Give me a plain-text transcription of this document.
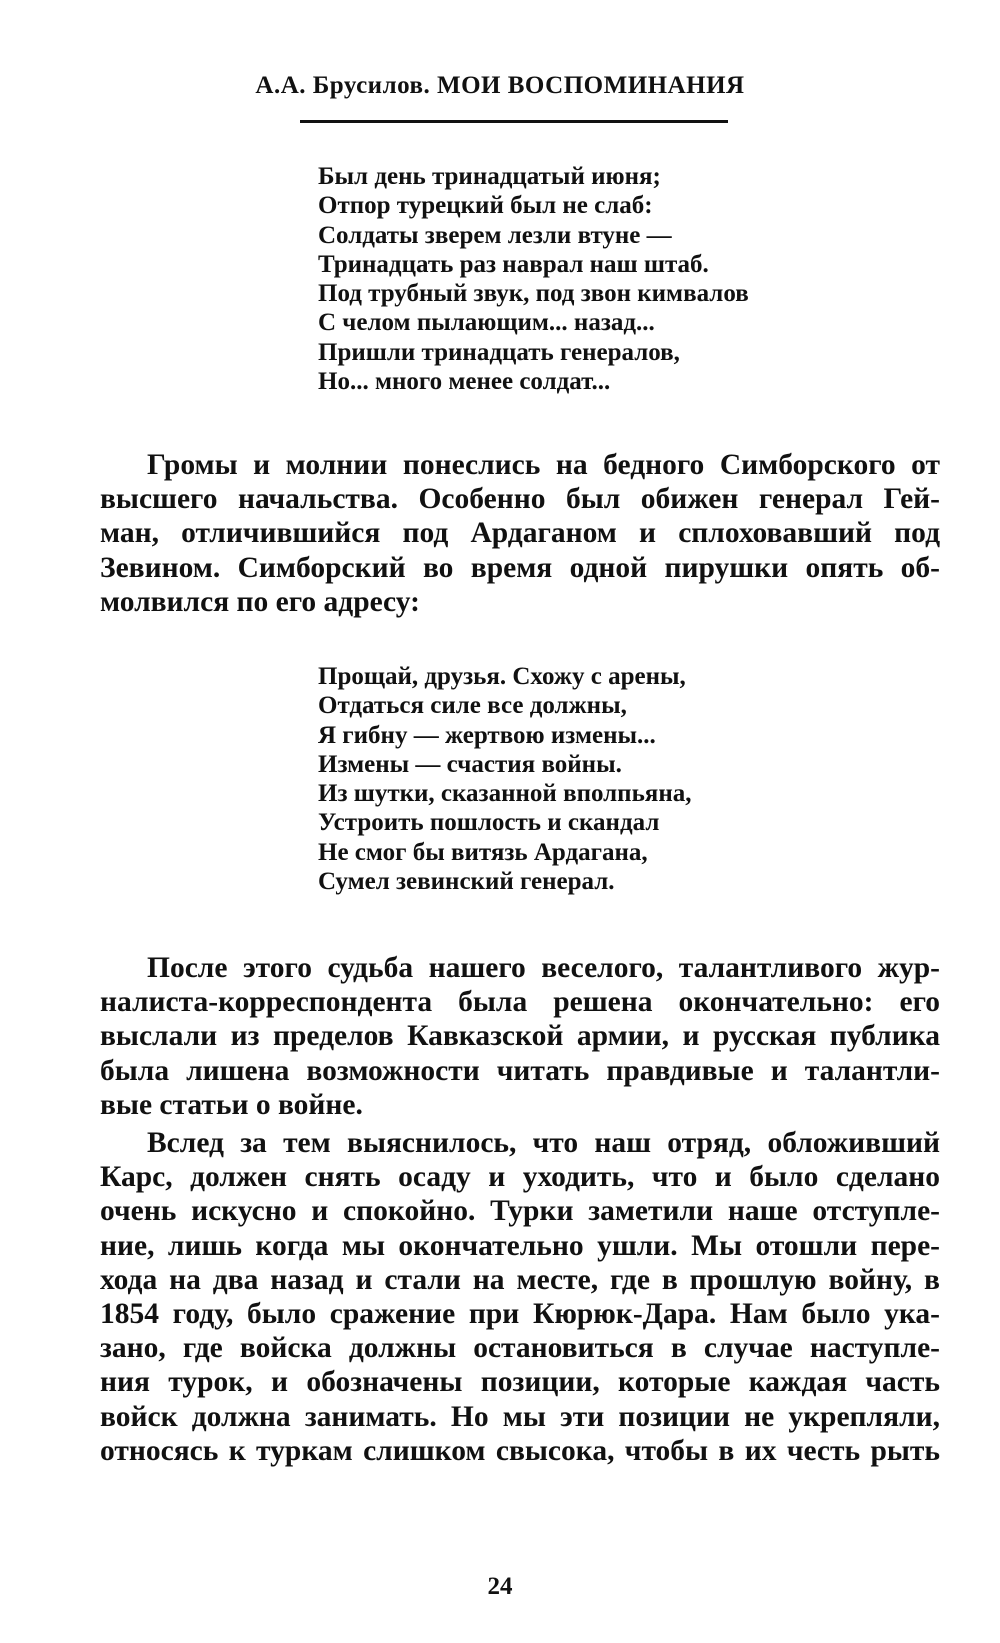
А.А. Брусилов. МОИ ВОСПОМИНАНИЯ
Был день тринадцатый июня;
Отпор турецкий был не слаб:
Солдаты зверем лезли втуне —
Тринадцать раз наврал наш штаб.
Под трубный звук, под звон кимвалов
С челом пылающим... назад...
Пришли тринадцать генералов,
Но... много менее солдат...
Громы и молнии понеслись на бедного Симборского от
высшего начальства. Особенно был обижен генерал Гей-
ман, отличившийся под Ардаганом и сплоховавший под
Зевином. Симборский во время одной пирушки опять об-
молвился по его адресу:
Прощай, друзья. Схожу с арены,
Отдаться силе все должны,
Я гибну — жертвою измены...
Измены — счастия войны.
Из шутки, сказанной вполпьяна,
Устроить пошлость и скандал
Не смог бы витязь Ардагана,
Сумел зевинский генерал.
После этого судьба нашего веселого, талантливого жур-
налиста-корреспондента была решена окончательно: его
выслали из пределов Кавказской армии, и русская публика
была лишена возможности читать правдивые и талантли-
вые статьи о войне.
Вслед за тем выяснилось, что наш отряд, обложивший
Карс, должен снять осаду и уходить, что и было сделано
очень искусно и спокойно. Турки заметили наше отступле-
ние, лишь когда мы окончательно ушли. Мы отошли пере-
хода на два назад и стали на месте, где в прошлую войну, в
1854 году, было сражение при Кюрюк-Дара. Нам было ука-
зано, где войска должны остановиться в случае наступле-
ния турок, и обозначены позиции, которые каждая часть
войск должна занимать. Но мы эти позиции не укрепляли,
относясь к туркам слишком свысока, чтобы в их честь рыть
24
